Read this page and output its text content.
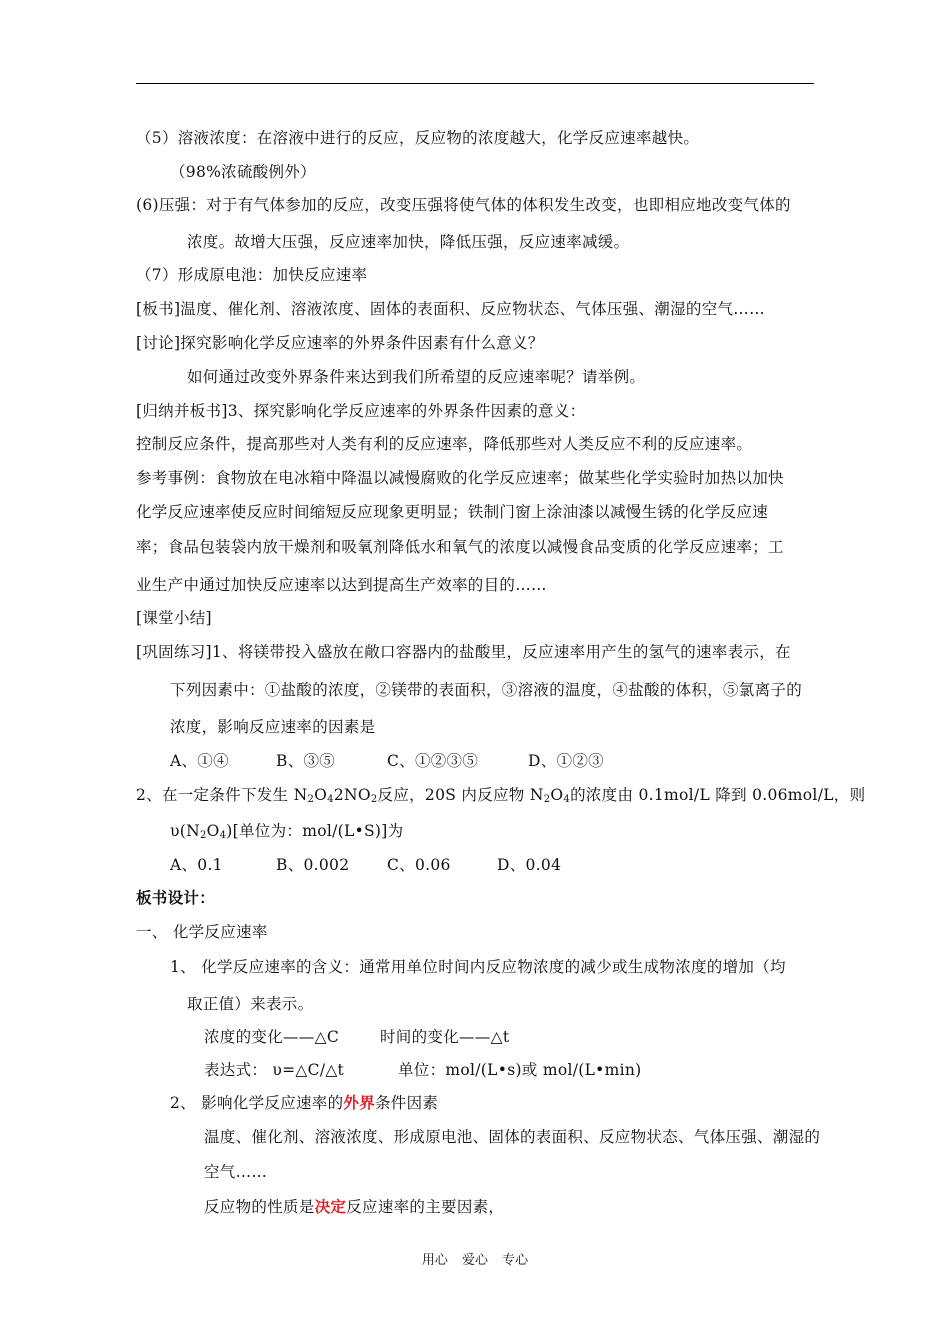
（5）溶液浓度：在溶液中进行的反应，反应物的浓度越大，化学反应速率越快。
（98%浓硫酸例外）
(6)压强：对于有气体参加的反应，改变压强将使气体的体积发生改变，也即相应地改变气体的
浓度。故增大压强，反应速率加快，降低压强，反应速率减缓。
（7）形成原电池：加快反应速率
[板书]温度、催化剂、溶液浓度、固体的表面积、反应物状态、气体压强、潮湿的空气……
[讨论]探究影响化学反应速率的外界条件因素有什么意义？
如何通过改变外界条件来达到我们所希望的反应速率呢？请举例。
[归纳并板书]3、探究影响化学反应速率的外界条件因素的意义：
控制反应条件，提高那些对人类有利的反应速率，降低那些对人类反应不利的反应速率。
参考事例：食物放在电冰箱中降温以减慢腐败的化学反应速率；做某些化学实验时加热以加快
化学反应速率使反应时间缩短反应现象更明显；铁制门窗上涂油漆以减慢生锈的化学反应速
率；食品包装袋内放干燥剂和吸氧剂降低水和氧气的浓度以减慢食品变质的化学反应速率；工
业生产中通过加快反应速率以达到提高生产效率的目的……
[课堂小结]
[巩固练习]1、将镁带投入盛放在敞口容器内的盐酸里，反应速率用产生的氢气的速率表示，在
下列因素中：①盐酸的浓度，②镁带的表面积，③溶液的温度，④盐酸的体积，⑤氯离子的
浓度，影响反应速率的因素是
A、①④	B、③⑤	C、①②③⑤	D、①②③
2、在一定条件下发生 $N_2O_42NO_2$反应，20S 内反应物 $N_2O_4$的浓度由 0.1mol/L 降到 0.06mol/L，则
$\upsilon(N_2O_4)$[单位为：mol/(L•S)]为
A、0.1	B、0.002 C、0.06	D、0.04
板书设计：
一、 化学反应速率
1、 化学反应速率的含义：通常用单位时间内反应物浓度的减少或生成物浓度的增加（均
取正值）来表示。
浓度的变化——△C	时间的变化——△t
表达式： υ=△C/△t	单位：mol/(L•s)或 mol/(L•min)
2、 影响化学反应速率的外界条件因素
温度、催化剂、溶液浓度、形成原电池、固体的表面积、反应物状态、气体压强、潮湿的
空气……
反应物的性质是决定反应速率的主要因素，
用心 爱心 专心
